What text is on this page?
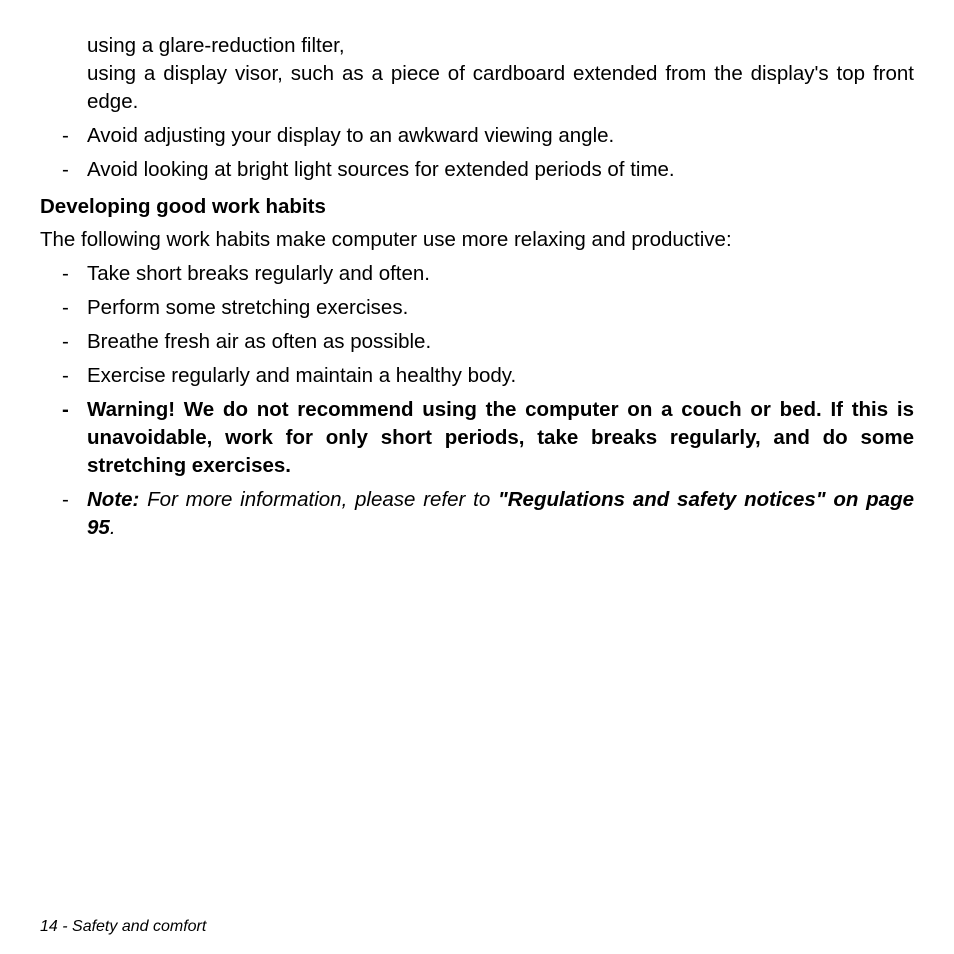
using a glare-reduction filter,
using a display visor, such as a piece of cardboard extended from the display's top front edge.
- Avoid adjusting your display to an awkward viewing angle.
- Avoid looking at bright light sources for extended periods of time.
Developing good work habits
The following work habits make computer use more relaxing and productive:
- Take short breaks regularly and often.
- Perform some stretching exercises.
- Breathe fresh air as often as possible.
- Exercise regularly and maintain a healthy body.
- Warning! We do not recommend using the computer on a couch or bed. If this is unavoidable, work for only short periods, take breaks regularly, and do some stretching exercises.
- Note: For more information, please refer to "Regulations and safety notices" on page 95.
14 - Safety and comfort
